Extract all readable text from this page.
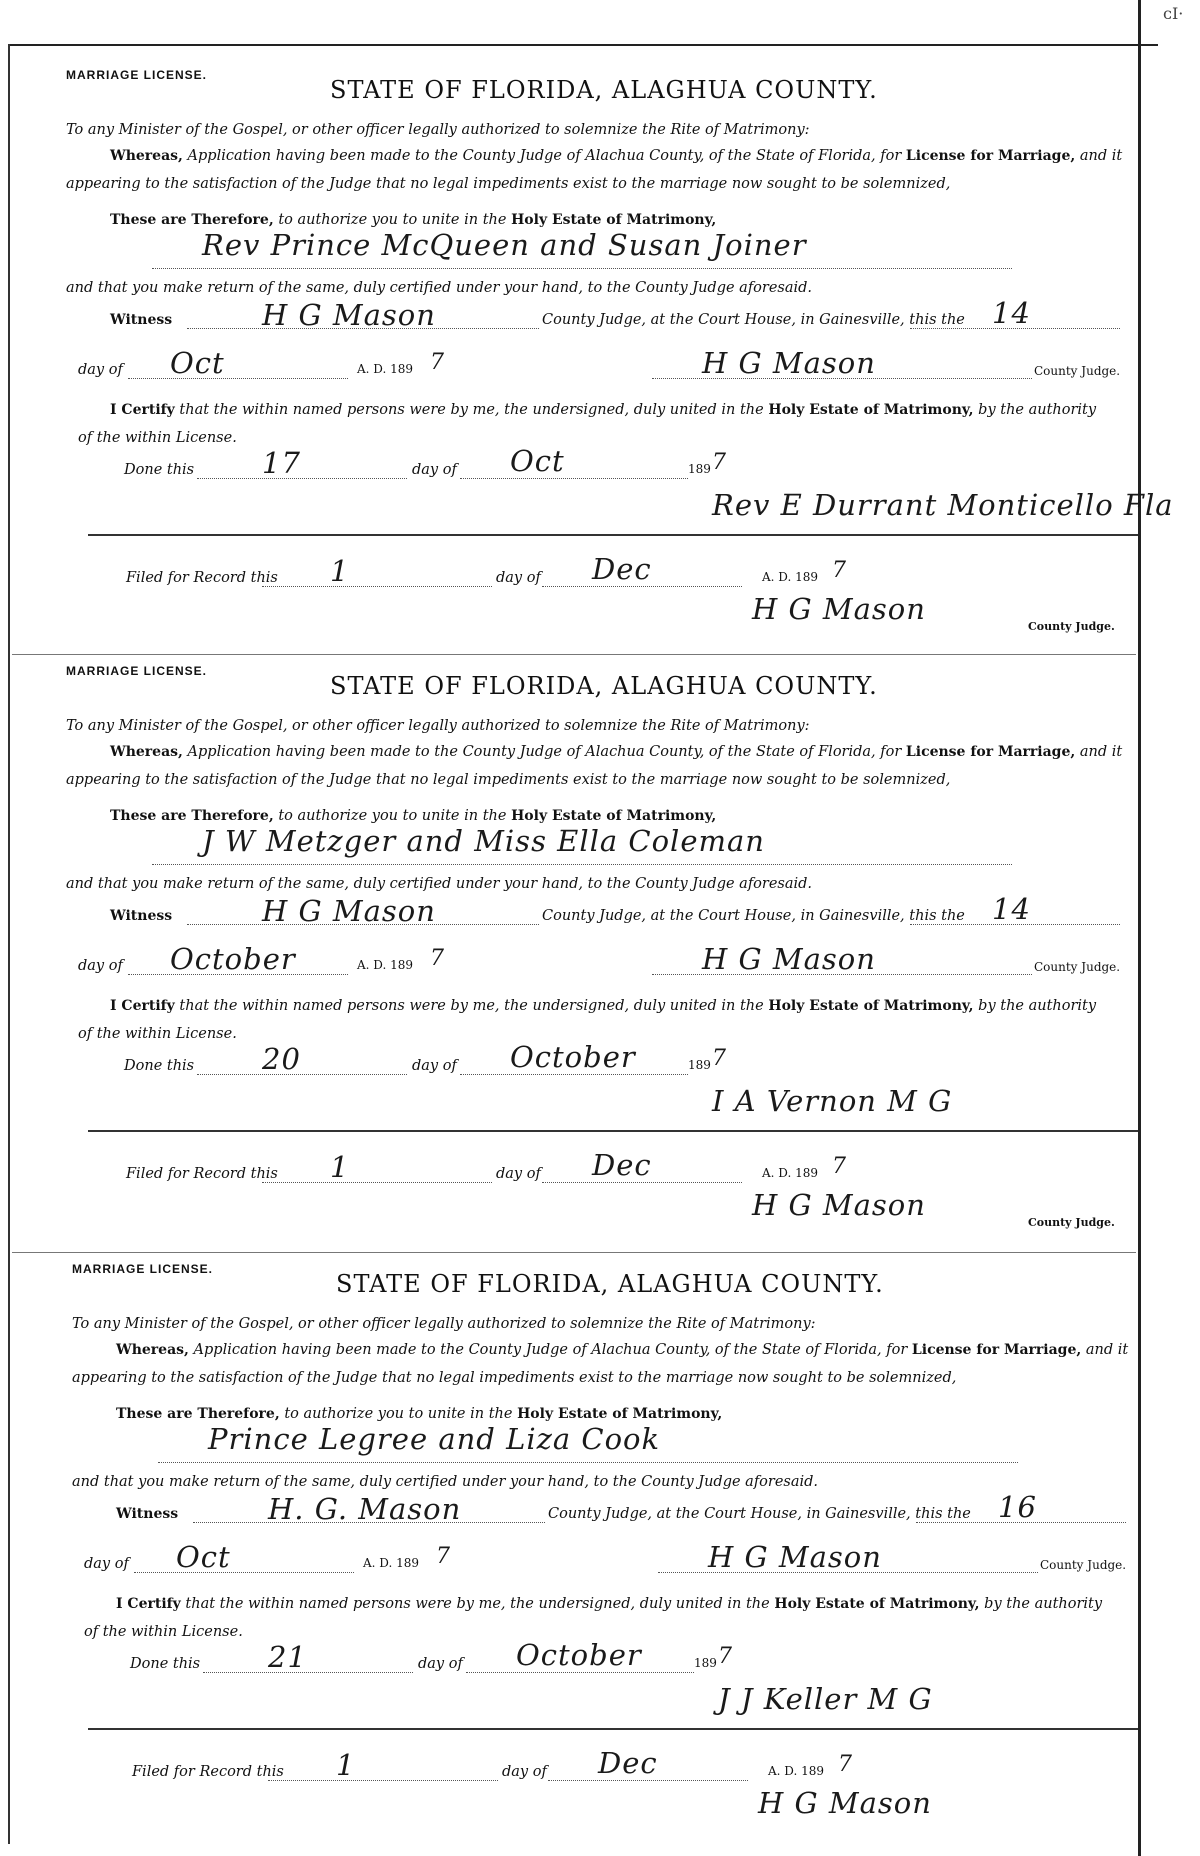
ᴄI·
MARRIAGE LICENSE.
STATE OF FLORIDA, ALAGHUA COUNTY.
To any Minister of the Gospel, or other officer legally authorized to solemnize the Rite of Matrimony:
Whereas, Application having been made to the County Judge of Alachua County, of the State of Florida, for License for Marriage, and it
appearing to the satisfaction of the Judge that no legal impediments exist to the marriage now sought to be solemnized,
These are Therefore, to authorize you to unite in the Holy Estate of Matrimony,
Rev Prince McQueen and Susan Joiner
and that you make return of the same, duly certified under your hand, to the County Judge aforesaid.
Witness	H G Mason	County Judge, at the Court House, in Gainesville, this the 14
day of Oct	A. D. 189 7	H G Mason	County Judge.
I Certify that the within named persons were by me, the undersigned, duly united in the Holy Estate of Matrimony, by the authority
of the within License.
Done this 17	day of Oct	189 7
Rev E Durrant Monticello Fla
Filed for Record this 1	day of Dec	A. D. 189 7
H G Mason
County Judge.
MARRIAGE LICENSE.
STATE OF FLORIDA, ALAGHUA COUNTY.
To any Minister of the Gospel, or other officer legally authorized to solemnize the Rite of Matrimony:
Whereas, Application having been made to the County Judge of Alachua County, of the State of Florida, for License for Marriage, and it
appearing to the satisfaction of the Judge that no legal impediments exist to the marriage now sought to be solemnized,
These are Therefore, to authorize you to unite in the Holy Estate of Matrimony,
J W Metzger and Miss Ella Coleman
and that you make return of the same, duly certified under your hand, to the County Judge aforesaid.
Witness	H G Mason	County Judge, at the Court House, in Gainesville, this the 14
day of October	A. D. 189 7	H G Mason	County Judge.
I Certify that the within named persons were by me, the undersigned, duly united in the Holy Estate of Matrimony, by the authority
of the within License.
Done this 20	day of October	189 7
I A Vernon M G
Filed for Record this 1	day of Dec	A. D. 189 7
H G Mason
County Judge.
MARRIAGE LICENSE.
STATE OF FLORIDA, ALAGHUA COUNTY.
To any Minister of the Gospel, or other officer legally authorized to solemnize the Rite of Matrimony:
Whereas, Application having been made to the County Judge of Alachua County, of the State of Florida, for License for Marriage, and it
appearing to the satisfaction of the Judge that no legal impediments exist to the marriage now sought to be solemnized,
These are Therefore, to authorize you to unite in the Holy Estate of Matrimony,
Prince Legree and Liza Cook
and that you make return of the same, duly certified under your hand, to the County Judge aforesaid.
Witness	H. G. Mason	County Judge, at the Court House, in Gainesville, this the 16
day of Oct	A. D. 189 7	H G Mason	County Judge.
I Certify that the within named persons were by me, the undersigned, duly united in the Holy Estate of Matrimony, by the authority
of the within License.
Done this 21	day of October	189 7
J J Keller M G
Filed for Record this 1	day of Dec	A. D. 189 7
H G Mason
